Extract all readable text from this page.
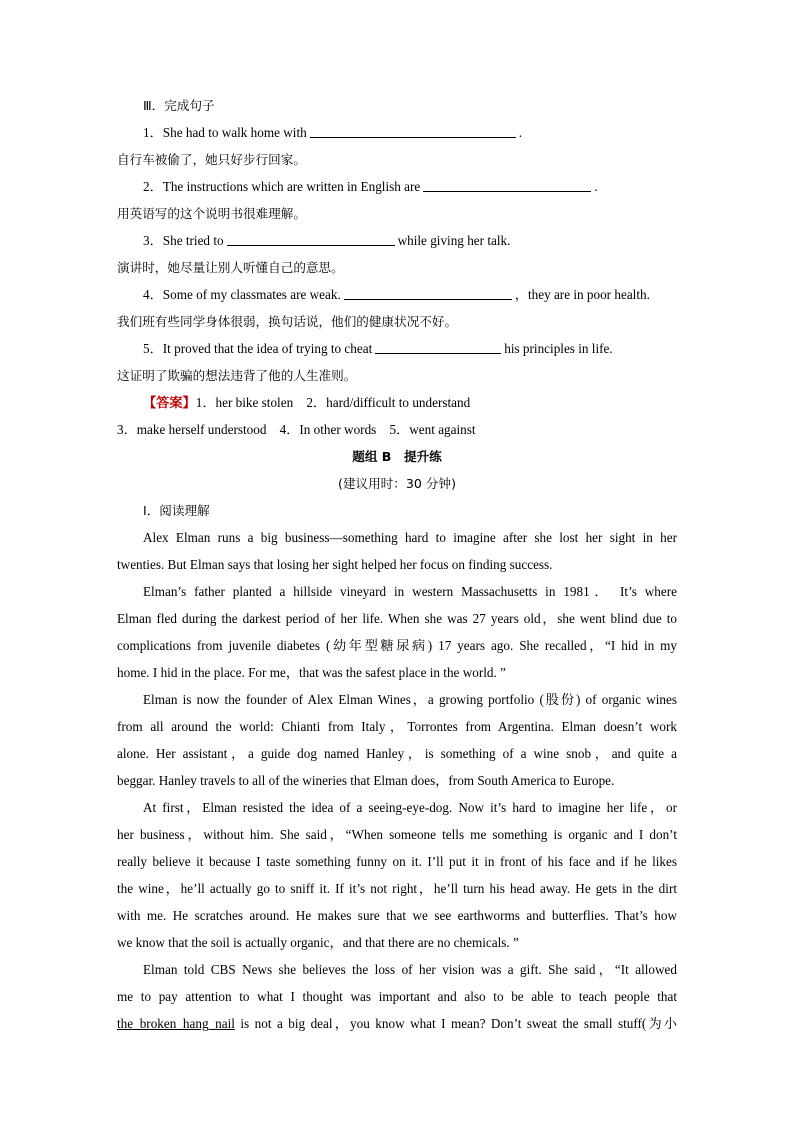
Ⅲ．完成句子
1．She had to walk home with	.
自行车被偷了，她只好步行回家。
2．The instructions which are written in English are	.
用英语写的这个说明书很难理解。
3．She tried to	while giving her talk.
演讲时，她尽量让别人听懂自己的意思。
4．Some of my classmates are weak.	，they are in poor health.
我们班有些同学身体很弱，换句话说，他们的健康状况不好。
5．It proved that the idea of trying to cheat	his principles in life.
这证明了欺骗的想法违背了他的人生准则。
【答案】1．her bike stolen　2．hard/difficult to understand
3．make herself understood　4．In other words　5．went against
题组 B　提升练
(建议用时：30 分钟)
Ⅰ．阅读理解
Alex Elman runs a big business—something hard to imagine after she lost her sight in her
twenties. But Elman says that losing her sight helped her focus on finding success.
Elman’s father planted a hillside vineyard in western Massachusetts in 1981． It’s where
Elman fled during the darkest period of her life. When she was 27 years old，she went blind due to
complications from juvenile diabetes (幼年型糖尿病) 17 years ago. She recalled，“I hid in my
home. I hid in the place. For me，that was the safest place in the world. ”
Elman is now the founder of Alex Elman Wines，a growing portfolio (股份) of organic wines
from all around the world: Chianti from Italy，Torrontes from Argentina. Elman doesn’t work
alone. Her assistant，a guide dog named Hanley，is something of a wine snob，and quite a
beggar. Hanley travels to all of the wineries that Elman does，from South America to Europe.
At first，Elman resisted the idea of a seeing-eye-dog. Now it’s hard to imagine her life，or
her business，without him. She said，“When someone tells me something is organic and I don’t
really believe it because I taste something funny on it. I’ll put it in front of his face and if he likes
the wine，he’ll actually go to sniff it. If it’s not right，he’ll turn his head away. He gets in the dirt
with me. He scratches around. He makes sure that we see earthworms and butterflies. That’s how
we know that the soil is actually organic，and that there are no chemicals. ”
Elman told CBS News she believes the loss of her vision was a gift. She said，“It allowed
me to pay attention to what I thought was important and also to be able to teach people that
the_broken_hang_nail is not a big deal，you know what I mean? Don’t sweat the small stuff(为小
